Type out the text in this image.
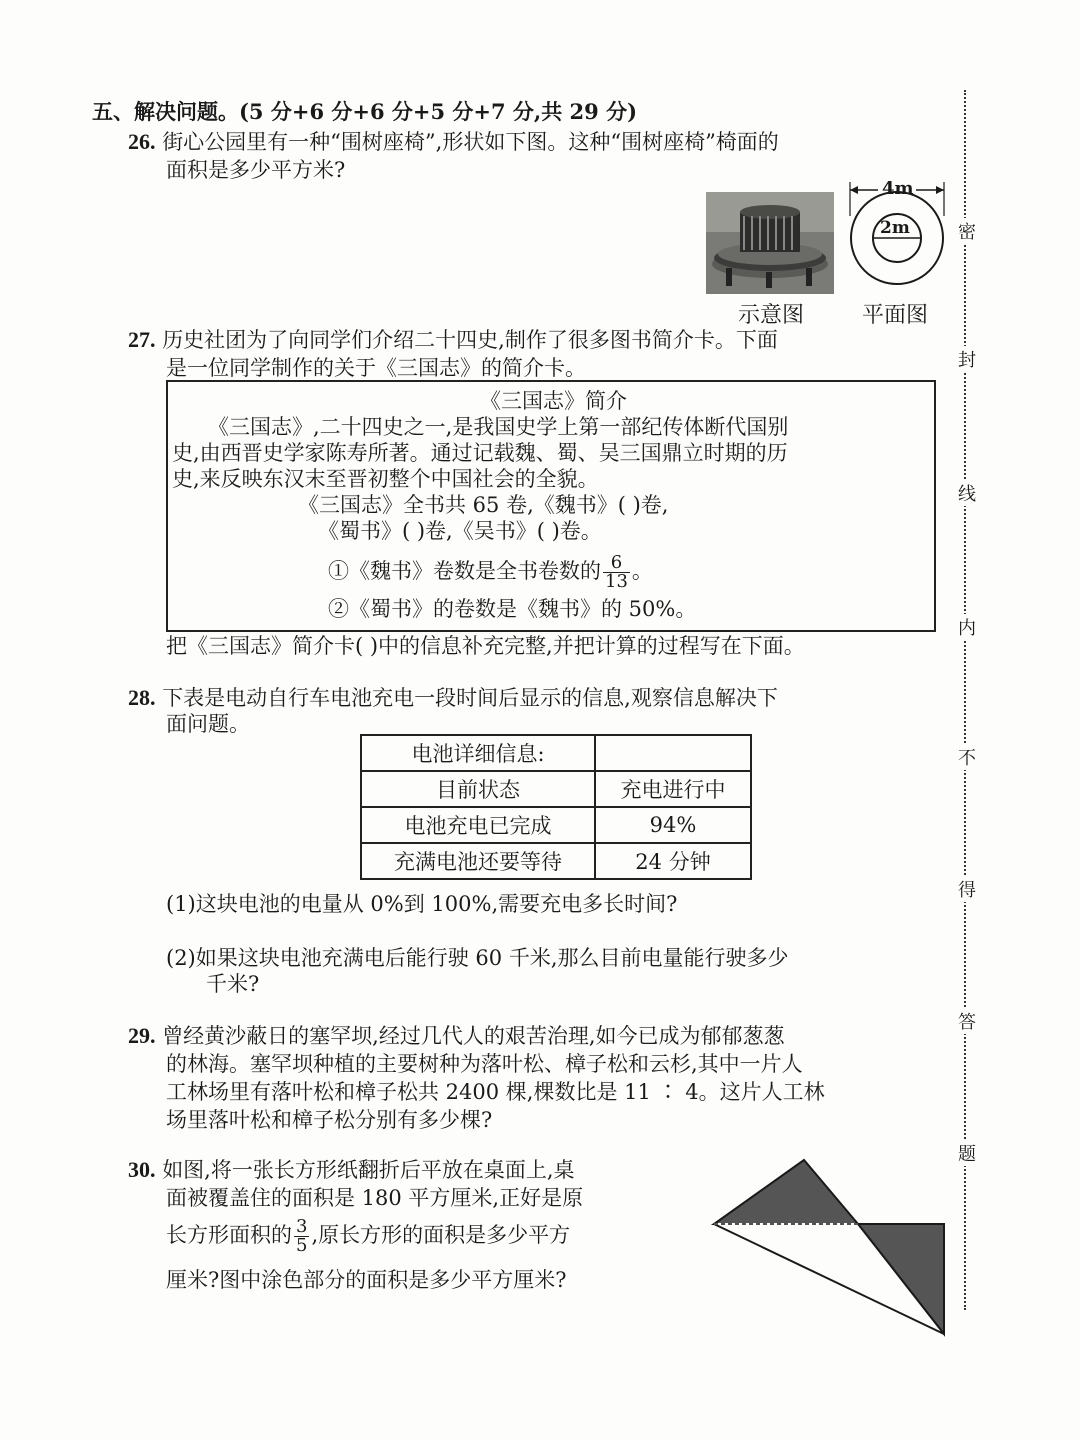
五、解决问题。(5 分+6 分+6 分+5 分+7 分,共 29 分)
密
封
线
内
不
得
答
题
26. 街心公园里有一种“围树座椅”,形状如下图。这种“围树座椅”椅面的
面积是多少平方米?
示意图
4m
2m
平面图
27. 历史社团为了向同学们介绍二十四史,制作了很多图书简介卡。下面
是一位同学制作的关于《三国志》的简介卡。
《三国志》简介
《三国志》,二十四史之一,是我国史学上第一部纪传体断代国别
史,由西晋史学家陈寿所著。通过记载魏、蜀、吴三国鼎立时期的历
史,来反映东汉末至晋初整个中国社会的全貌。
《三国志》全书共 65 卷,《魏书》( )卷,
《蜀书》( )卷,《吴书》( )卷。
①《魏书》卷数是全书卷数的 $\frac{6}{13}$ 。
②《蜀书》的卷数是《魏书》的 50%。
把《三国志》简介卡( )中的信息补充完整,并把计算的过程写在下面。
28. 下表是电动自行车电池充电一段时间后显示的信息,观察信息解决下
面问题。
电池详细信息:	
目前状态	充电进行中
电池充电已完成	94%
充满电池还要等待	24 分钟
(1)这块电池的电量从 0%到 100%,需要充电多长时间?
(2)如果这块电池充满电后能行驶 60 千米,那么目前电量能行驶多少
千米?
29. 曾经黄沙蔽日的塞罕坝,经过几代人的艰苦治理,如今已成为郁郁葱葱
的林海。塞罕坝种植的主要树种为落叶松、樟子松和云杉,其中一片人
工林场里有落叶松和樟子松共 2400 棵,棵数比是 11 ∶ 4。这片人工林
场里落叶松和樟子松分别有多少棵?
30. 如图,将一张长方形纸翻折后平放在桌面上,桌
面被覆盖住的面积是 180 平方厘米,正好是原
长方形面积的 $\frac{3}{5}$ ,原长方形的面积是多少平方
厘米?图中涂色部分的面积是多少平方厘米?
